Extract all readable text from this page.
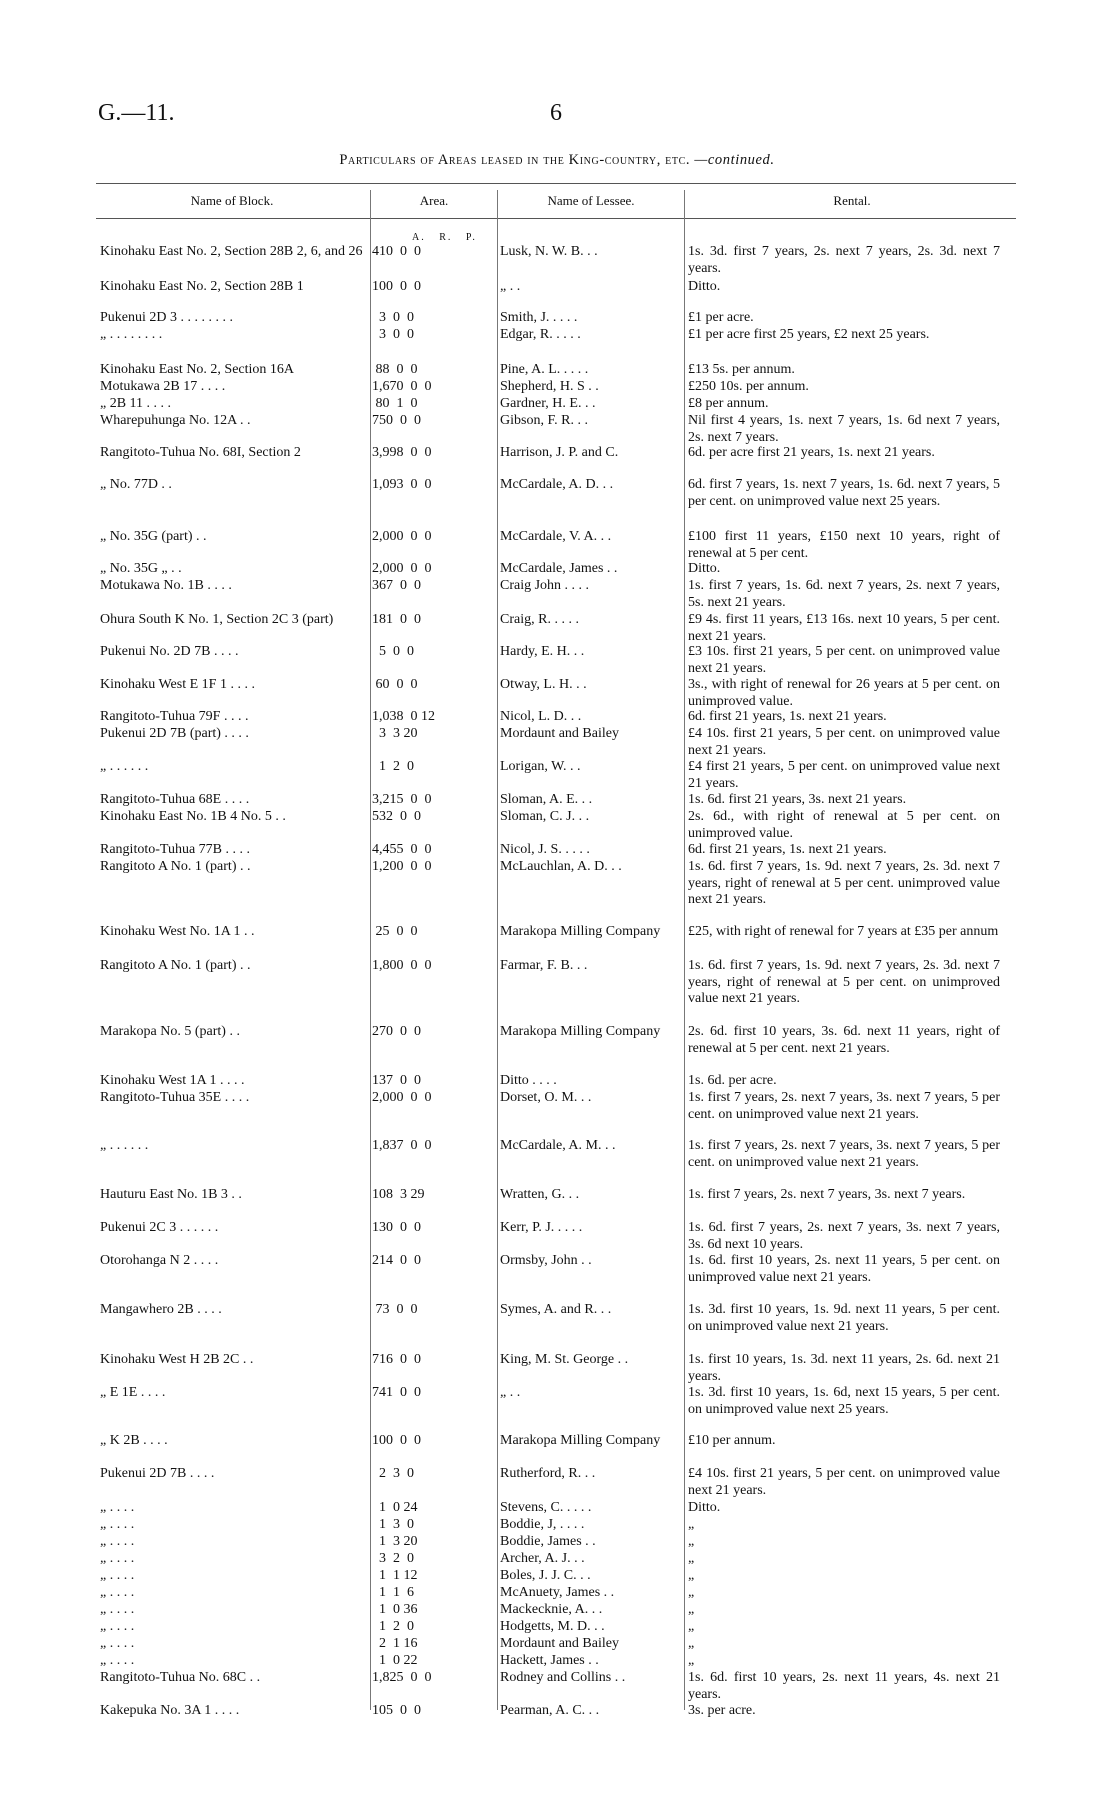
G.—11.	6
Particulars of Areas leased in the King-country, etc. —continued.
Name of Block.	Area.	Name of Lessee.	Rental.
A.   R.   P.
Kinohaku East No. 2, Section 28B 2, 6, and 26 410  0  0	Lusk, N. W. B. . .	1s. 3d. first 7 years, 2s. next 7 years, 2s. 3d. next 7 years.
Kinohaku East No. 2, Section 28B 1	100  0  0	„ . .	Ditto.
Pukenui 2D 3 . . . . . . . .	3  0  0	Smith, J. . . . .	£1 per acre.
„ . . . . . . . .	3  0  0	Edgar, R. . . . .	£1 per acre first 25 years, £2 next 25 years.
Kinohaku East No. 2, Section 16A	88  0  0	Pine, A. L. . . . .	£13 5s. per annum.
Motukawa 2B 17 . . . .	1,670  0  0	Shepherd, H. S . .	£250 10s. per annum.
„ 2B 11 . . . .	80  1  0	Gardner, H. E. . .	£8 per annum.
Wharepuhunga No. 12A . .	750  0  0	Gibson, F. R. . .	Nil first 4 years, 1s. next 7 years, 1s. 6d next 7 years, 2s. next 7 years.
Rangitoto-Tuhua No. 68I, Section 2	3,998  0  0	Harrison, J. P. and C.	6d. per acre first 21 years, 1s. next 21 years.
„ No. 77D . .	1,093  0  0	McCardale, A. D. . .	6d. first 7 years, 1s. next 7 years, 1s. 6d. next 7 years, 5 per cent. on unimproved value next 25 years.
„ No. 35G (part) . .	2,000  0  0	McCardale, V. A. . .	£100 first 11 years, £150 next 10 years, right of renewal at 5 per cent.
„ No. 35G „ . .	2,000  0  0	McCardale, James . .	Ditto.
Motukawa No. 1B . . . .	367  0  0	Craig John . . . .	1s. first 7 years, 1s. 6d. next 7 years, 2s. next 7 years, 5s. next 21 years.
Ohura South K No. 1, Section 2C 3 (part)	181  0  0	Craig, R. . . . .	£9 4s. first 11 years, £13 16s. next 10 years, 5 per cent. next 21 years.
Pukenui No. 2D 7B . . . .	5  0  0	Hardy, E. H. . .	£3 10s. first 21 years, 5 per cent. on unimproved value next 21 years.
Kinohaku West E 1F 1 . . . .	60  0  0	Otway, L. H. . .	3s., with right of renewal for 26 years at 5 per cent. on unimproved value.
Rangitoto-Tuhua 79F . . . .	1,038  0 12	Nicol, L. D. . .	6d. first 21 years, 1s. next 21 years.
Pukenui 2D 7B (part) . . . .	3  3 20	Mordaunt and Bailey	£4 10s. first 21 years, 5 per cent. on unimproved value next 21 years.
„ . . . . . .	1  2  0	Lorigan, W. . .	£4 first 21 years, 5 per cent. on unimproved value next 21 years.
Rangitoto-Tuhua 68E . . . .	3,215  0  0	Sloman, A. E. . .	1s. 6d. first 21 years, 3s. next 21 years.
Kinohaku East No. 1B 4 No. 5 . .	532  0  0	Sloman, C. J. . .	2s. 6d., with right of renewal at 5 per cent. on unimproved value.
Rangitoto-Tuhua 77B . . . .	4,455  0  0	Nicol, J. S. . . . .	6d. first 21 years, 1s. next 21 years.
Rangitoto A No. 1 (part) . .	1,200  0  0	McLauchlan, A. D. . .	1s. 6d. first 7 years, 1s. 9d. next 7 years, 2s. 3d. next 7 years, right of renewal at 5 per cent. unimproved value next 21 years.
Kinohaku West No. 1A 1 . .	25  0  0	Marakopa Milling Company	£25, with right of renewal for 7 years at £35 per annum
Rangitoto A No. 1 (part) . .	1,800  0  0	Farmar, F. B. . .	1s. 6d. first 7 years, 1s. 9d. next 7 years, 2s. 3d. next 7 years, right of renewal at 5 per cent. on unimproved value next 21 years.
Marakopa No. 5 (part) . .	270  0  0	Marakopa Milling Company	2s. 6d. first 10 years, 3s. 6d. next 11 years, right of renewal at 5 per cent. next 21 years.
Kinohaku West 1A 1 . . . .	137  0  0	Ditto . . . .	1s. 6d. per acre.
Rangitoto-Tuhua 35E . . . .	2,000  0  0	Dorset, O. M. . .	1s. first 7 years, 2s. next 7 years, 3s. next 7 years, 5 per cent. on unimproved value next 21 years.
„ . . . . . .	1,837  0  0	McCardale, A. M. . .	1s. first 7 years, 2s. next 7 years, 3s. next 7 years, 5 per cent. on unimproved value next 21 years.
Hauturu East No. 1B 3 . .	108  3 29	Wratten, G. . .	1s. first 7 years, 2s. next 7 years, 3s. next 7 years.
Pukenui 2C 3 . . . . . .	130  0  0	Kerr, P. J. . . . .	1s. 6d. first 7 years, 2s. next 7 years, 3s. next 7 years, 3s. 6d next 10 years.
Otorohanga N 2 . . . .	214  0  0	Ormsby, John . .	1s. 6d. first 10 years, 2s. next 11 years, 5 per cent. on unimproved value next 21 years.
Mangawhero 2B . . . .	73  0  0	Symes, A. and R. . .	1s. 3d. first 10 years, 1s. 9d. next 11 years, 5 per cent. on unimproved value next 21 years.
Kinohaku West H 2B 2C . .	716  0  0	King, M. St. George . .	1s. first 10 years, 1s. 3d. next 11 years, 2s. 6d. next 21 years.
„ E 1E . . . .	741  0  0	„ . .	1s. 3d. first 10 years, 1s. 6d, next 15 years, 5 per cent. on unimproved value next 25 years.
„ K 2B . . . .	100  0  0	Marakopa Milling Company	£10 per annum.
Pukenui 2D 7B . . . .	2  3  0	Rutherford, R. . .	£4 10s. first 21 years, 5 per cent. on unimproved value next 21 years.
„ . . . .	1  0 24	Stevens, C. . . . .	Ditto.
„ . . . .	1  3  0	Boddie, J, . . . .	„
„ . . . .	1  3 20	Boddie, James . .	„
„ . . . .	3  2  0	Archer, A. J. . .	„
„ . . . .	1  1 12	Boles, J. J. C. . .	„
„ . . . .	1  1  6	McAnuety, James . .	„
„ . . . .	1  0 36	Mackecknie, A. . .	„
„ . . . .	1  2  0	Hodgetts, M. D. . .	„
„ . . . .	2  1 16	Mordaunt and Bailey	„
„ . . . .	1  0 22	Hackett, James . .	„
Rangitoto-Tuhua No. 68C . .	1,825  0  0	Rodney and Collins . .	1s. 6d. first 10 years, 2s. next 11 years, 4s. next 21 years.
Kakepuka No. 3A 1 . . . .	105  0  0	Pearman, A. C. . .	3s. per acre.
